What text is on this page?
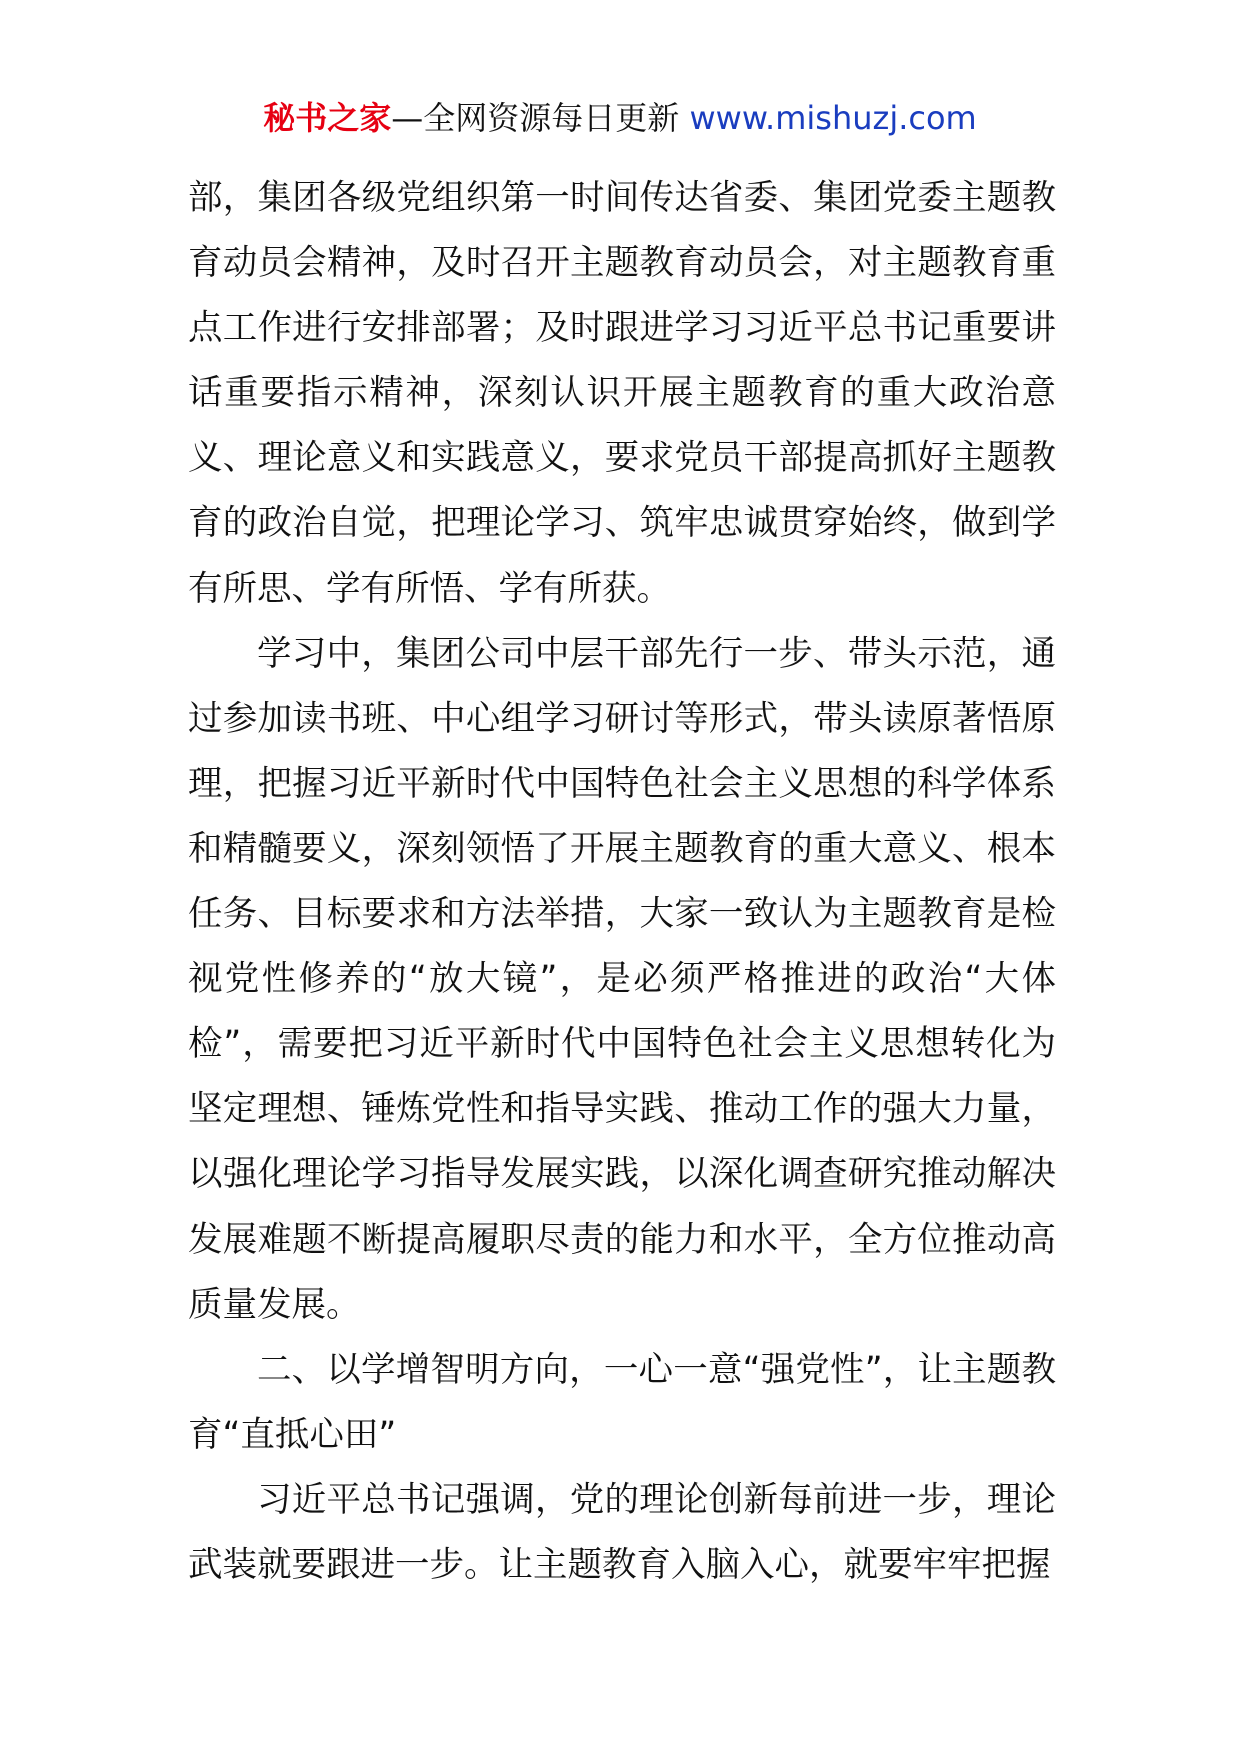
秘书之家—全网资源每日更新 www.mishuzj.com

部，集团各级党组织第一时间传达省委、集团党委主题教育动员会精神，及时召开主题教育动员会，对主题教育重点工作进行安排部署；及时跟进学习习近平总书记重要讲话重要指示精神，深刻认识开展主题教育的重大政治意义、理论意义和实践意义，要求党员干部提高抓好主题教育的政治自觉，把理论学习、筑牢忠诚贯穿始终，做到学有所思、学有所悟、学有所获。

学习中，集团公司中层干部先行一步、带头示范，通过参加读书班、中心组学习研讨等形式，带头读原著悟原理，把握习近平新时代中国特色社会主义思想的科学体系和精髓要义，深刻领悟了开展主题教育的重大意义、根本任务、目标要求和方法举措，大家一致认为主题教育是检视党性修养的“放大镜”，是必须严格推进的政治“大体检”，需要把习近平新时代中国特色社会主义思想转化为坚定理想、锤炼党性和指导实践、推动工作的强大力量，以强化理论学习指导发展实践，以深化调查研究推动解决发展难题不断提高履职尽责的能力和水平，全方位推动高质量发展。

二、以学增智明方向，一心一意“强党性”，让主题教育“直抵心田”

习近平总书记强调，党的理论创新每前进一步，理论武装就要跟进一步。让主题教育入脑入心，就要牢牢把握
